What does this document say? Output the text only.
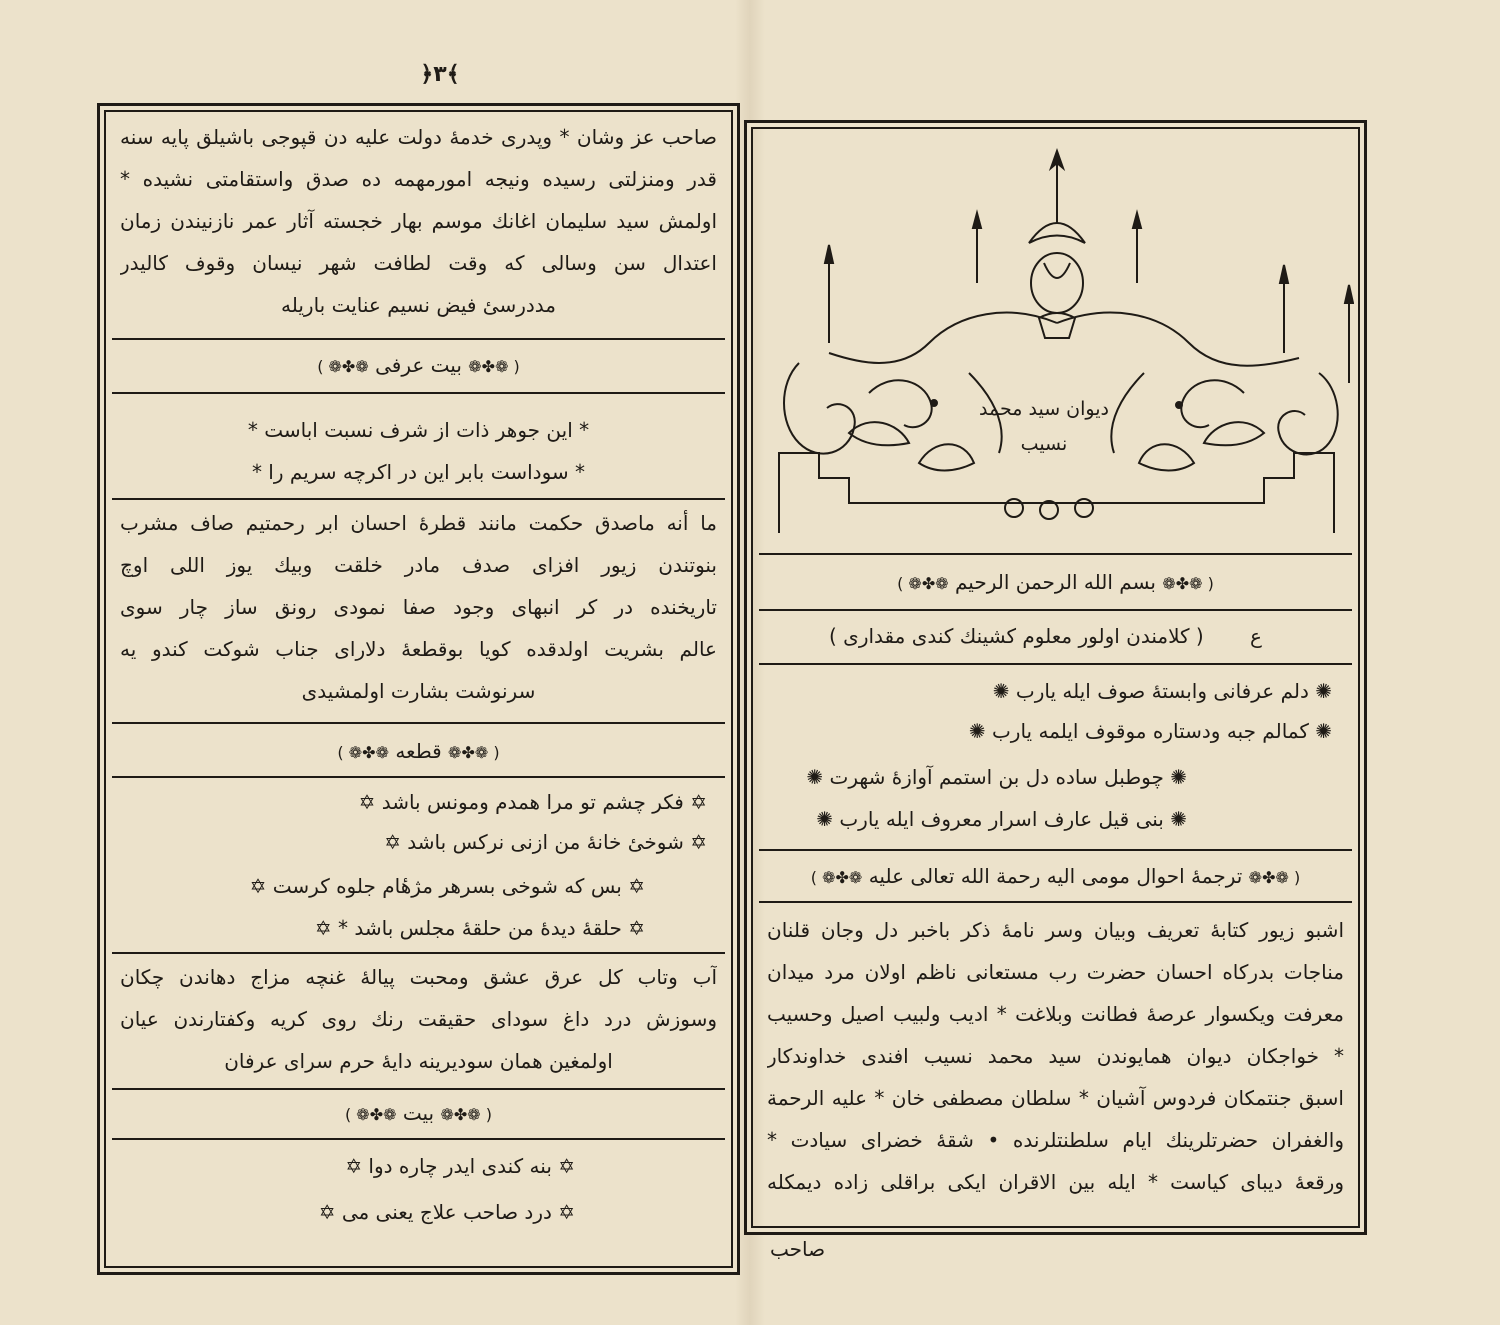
﴿٣﴾
صاحب عز وشان * وپدری خدمهٔ دولت علیه دن قپوجی باشیلق پایه سنه
قدر ومنزلتی رسیده ونیجه امورمهمه ده صدق واستقامتی نشیده *
اولمش سید سلیمان اغانك موسم بهار خجسته آثار عمر نازنیندن زمان
اعتدال سن وسالی که وقت لطافت شهر نیسان وقوف کالیدر
مددرسیٔ فیض نسیم عنایت باریله
( ❁✤❁ بیت عرفی ❁✤❁ )
* این جوهر ذات از شرف نسبت اباست *
* سوداست بابر این در اکرچه سریم را *
ما أنه ماصدق حکمت مانند قطرهٔ احسان ابر رحمتیم صاف مشرب
بنوتندن زیور افزای صدف مادر خلقت وبیك یوز اللی اوچ
تاریخنده در کر انبهای وجود صفا نمودی رونق ساز چار سوی
عالم بشریت اولدقده کویا بوقطعهٔ دلارای جناب شوکت کندو یه
سرنوشت بشارت اولمشیدی
( ❁✤❁ قطعه ❁✤❁ )
✡ فکر چشم تو مرا همدم ومونس باشد ✡
✡ شوخیٔ خانهٔ من ازنی نرکس باشد ✡
✡ بس که شوخی بسرهر مژهٔام جلوه کرست ✡
✡ حلقهٔ دیدهٔ من حلقهٔ مجلس باشد * ✡
آب وتاب کل عرق عشق ومحبت پیالهٔ غنچه مزاج دهاندن چکان
وسوزش درد داغ سودای حقیقت رنك روی کریه وکفتارندن عیان
اولمغین همان سودیرینه دایهٔ حرم سرای عرفان
( ❁✤❁ بیت ❁✤❁ )
✡ بنه کندی ایدر چاره دوا ✡
✡ درد صاحب علاج یعنی می ✡
دیوان سید محمد
نسیب
( ❁✤❁ بسم الله الرحمن الرحیم ❁✤❁ )
ع ( کلامندن اولور معلوم کشینك کندی مقداری )
✺ دلم عرفانی وابستهٔ صوف ایله یارب ✺
✺ کمالم جبه ودستاره موقوف ایلمه یارب ✺
✺ چوطبل ساده دل بن استمم آوازهٔ شهرت ✺
✺ بنی قیل عارف اسرار معروف ایله یارب ✺
( ❁✤❁ ترجمهٔ احوال مومی الیه رحمة الله تعالی علیه ❁✤❁ )
اشبو زیور کتابهٔ تعریف وبیان وسر نامهٔ ذکر باخبر دل وجان قلنان
مناجات بدرکاه احسان حضرت رب مستعانی ناظم اولان مرد میدان
معرفت ویکسوار عرصهٔ فطانت وبلاغت * ادیب ولبیب اصیل وحسیب
* خواجکان دیوان همایوندن سید محمد نسیب افندی خداوندکار
اسبق جنتمکان فردوس آشیان * سلطان مصطفی خان * علیه الرحمة
والغفران حضرتلرینك ایام سلطنتلرنده • شقهٔ خضرای سیادت *
ورقعهٔ دیبای کیاست * ایله بین الاقران ایکی براقلی زاده دیمکله
صاحب
